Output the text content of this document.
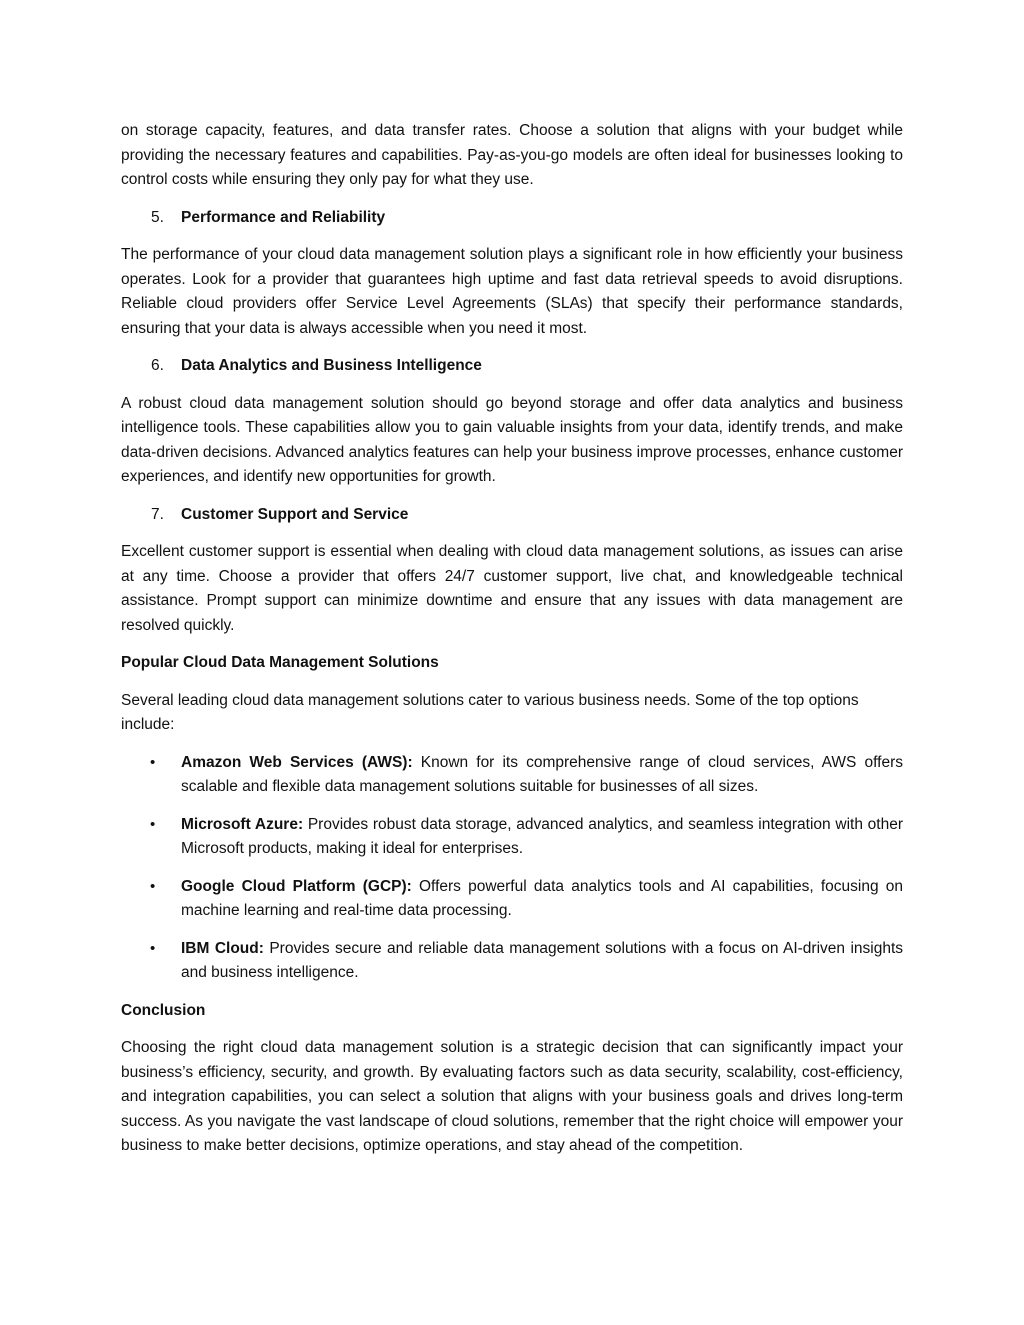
on storage capacity, features, and data transfer rates. Choose a solution that aligns with your budget while providing the necessary features and capabilities. Pay-as-you-go models are often ideal for businesses looking to control costs while ensuring they only pay for what they use.

5. Performance and Reliability

The performance of your cloud data management solution plays a significant role in how efficiently your business operates. Look for a provider that guarantees high uptime and fast data retrieval speeds to avoid disruptions. Reliable cloud providers offer Service Level Agreements (SLAs) that specify their performance standards, ensuring that your data is always accessible when you need it most.

6. Data Analytics and Business Intelligence

A robust cloud data management solution should go beyond storage and offer data analytics and business intelligence tools. These capabilities allow you to gain valuable insights from your data, identify trends, and make data-driven decisions. Advanced analytics features can help your business improve processes, enhance customer experiences, and identify new opportunities for growth.

7. Customer Support and Service

Excellent customer support is essential when dealing with cloud data management solutions, as issues can arise at any time. Choose a provider that offers 24/7 customer support, live chat, and knowledgeable technical assistance. Prompt support can minimize downtime and ensure that any issues with data management are resolved quickly.

Popular Cloud Data Management Solutions

Several leading cloud data management solutions cater to various business needs. Some of the top options include:

• Amazon Web Services (AWS): Known for its comprehensive range of cloud services, AWS offers scalable and flexible data management solutions suitable for businesses of all sizes.
• Microsoft Azure: Provides robust data storage, advanced analytics, and seamless integration with other Microsoft products, making it ideal for enterprises.
• Google Cloud Platform (GCP): Offers powerful data analytics tools and AI capabilities, focusing on machine learning and real-time data processing.
• IBM Cloud: Provides secure and reliable data management solutions with a focus on AI-driven insights and business intelligence.
Conclusion

Choosing the right cloud data management solution is a strategic decision that can significantly impact your business’s efficiency, security, and growth. By evaluating factors such as data security, scalability, cost-efficiency, and integration capabilities, you can select a solution that aligns with your business goals and drives long-term success. As you navigate the vast landscape of cloud solutions, remember that the right choice will empower your business to make better decisions, optimize operations, and stay ahead of the competition.
